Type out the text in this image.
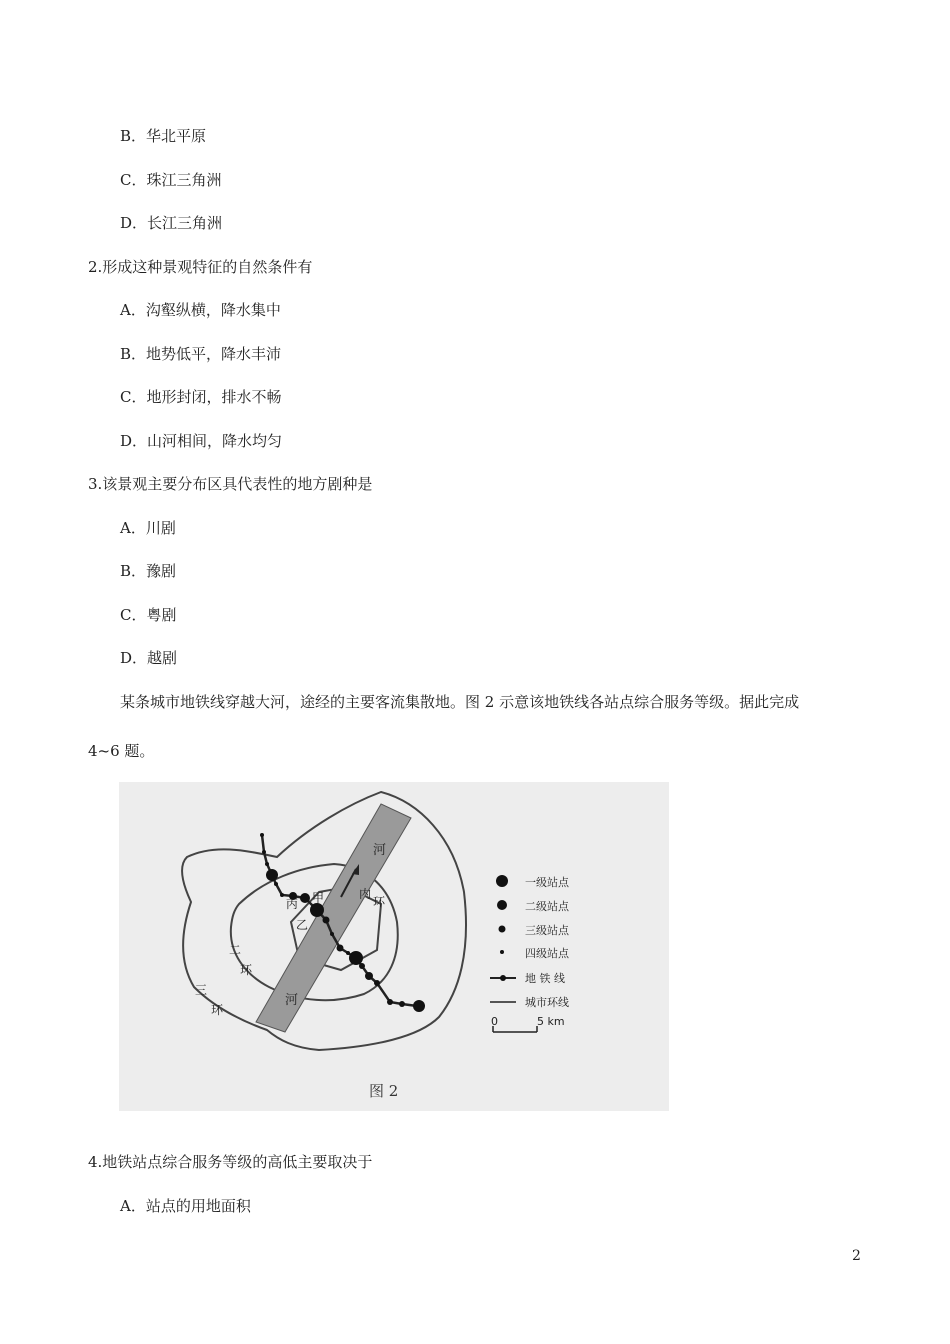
B．华北平原
C．珠江三角洲
D．长江三角洲
2.形成这种景观特征的自然条件有
A．沟壑纵横，降水集中
B．地势低平，降水丰沛
C．地形封闭，排水不畅
D．山河相间，降水均匀
3.该景观主要分布区具代表性的地方剧种是
A．川剧
B．豫剧
C．粤剧
D．越剧
某条城市地铁线穿越大河，途经的主要客流集散地。图 2 示意该地铁线各站点综合服务等级。据此完成
4~6 题。
河
河
内
环
二
环
三
环
甲
乙
丙
一级站点
二级站点
三级站点
四级站点
地 铁 线
城市环线
0	5 km
图 2
4.地铁站点综合服务等级的高低主要取决于
A．站点的用地面积
2
